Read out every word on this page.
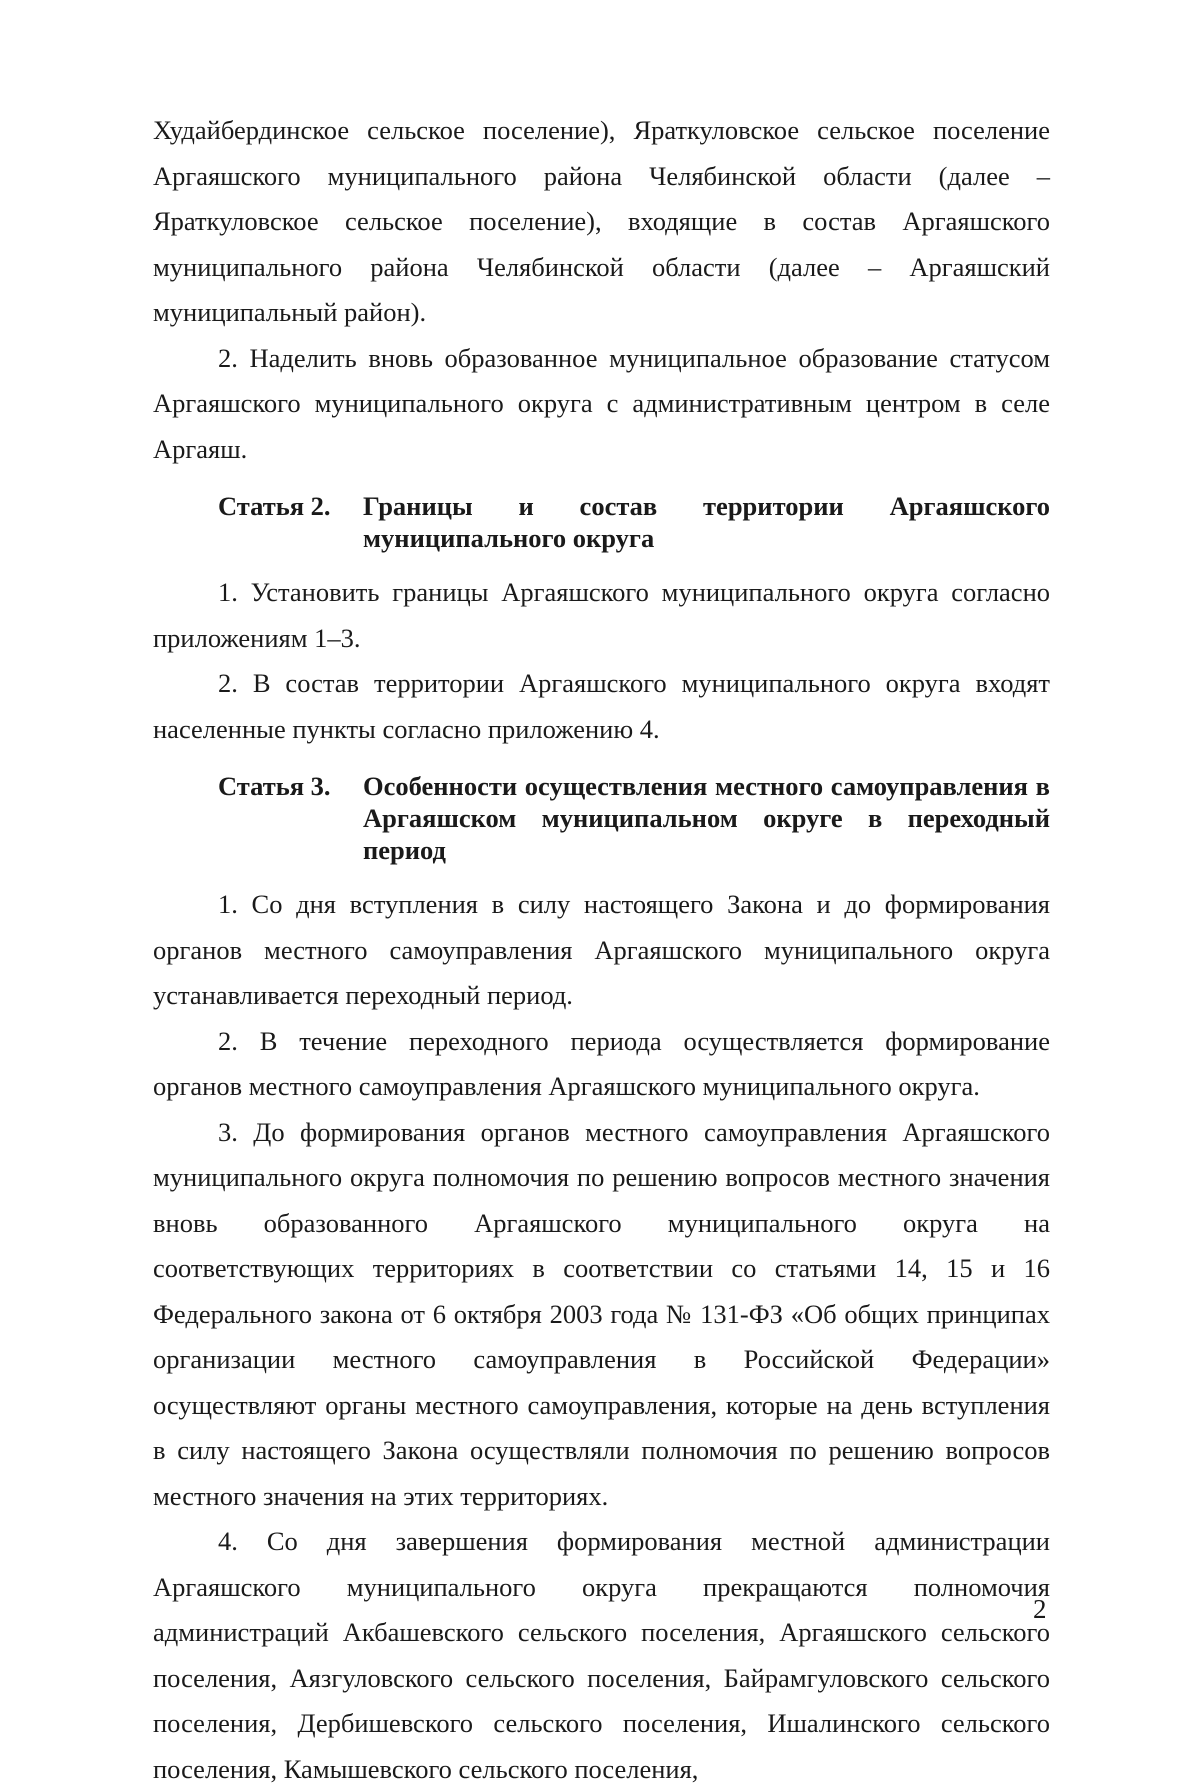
Худайбердинское сельское поселение), Яраткуловское сельское поселение Аргаяшского муниципального района Челябинской области (далее – Яраткуловское сельское поселение), входящие в состав Аргаяшского муниципального района Челябинской области (далее – Аргаяшский муниципальный район).

2. Наделить вновь образованное муниципальное образование статусом Аргаяшского муниципального округа с административным центром в селе Аргаяш.

Статья 2.	Границы и состав территории Аргаяшского муниципального округа

1. Установить границы Аргаяшского муниципального округа согласно приложениям 1–3.

2. В состав территории Аргаяшского муниципального округа входят населенные пункты согласно приложению 4.

Статья 3.	Особенности осуществления местного самоуправления в Аргаяшском муниципальном округе в переходный период

1. Со дня вступления в силу настоящего Закона и до формирования органов местного самоуправления Аргаяшского муниципального округа устанавливается переходный период.

2. В течение переходного периода осуществляется формирование органов местного самоуправления Аргаяшского муниципального округа.

3. До формирования органов местного самоуправления Аргаяшского муниципального округа полномочия по решению вопросов местного значения вновь образованного Аргаяшского муниципального округа на соответствующих территориях в соответствии со статьями 14, 15 и 16 Федерального закона от 6 октября 2003 года № 131-ФЗ «Об общих принципах организации местного самоуправления в Российской Федерации» осуществляют органы местного самоуправления, которые на день вступления в силу настоящего Закона осуществляли полномочия по решению вопросов местного значения на этих территориях.

4. Со дня завершения формирования местной администрации Аргаяшского муниципального округа прекращаются полномочия администраций Акбашевского сельского поселения, Аргаяшского сельского поселения, Аязгуловского сельского поселения, Байрамгуловского сельского поселения, Дербишевского сельского поселения, Ишалинского сельского поселения, Камышевского сельского поселения,

2
